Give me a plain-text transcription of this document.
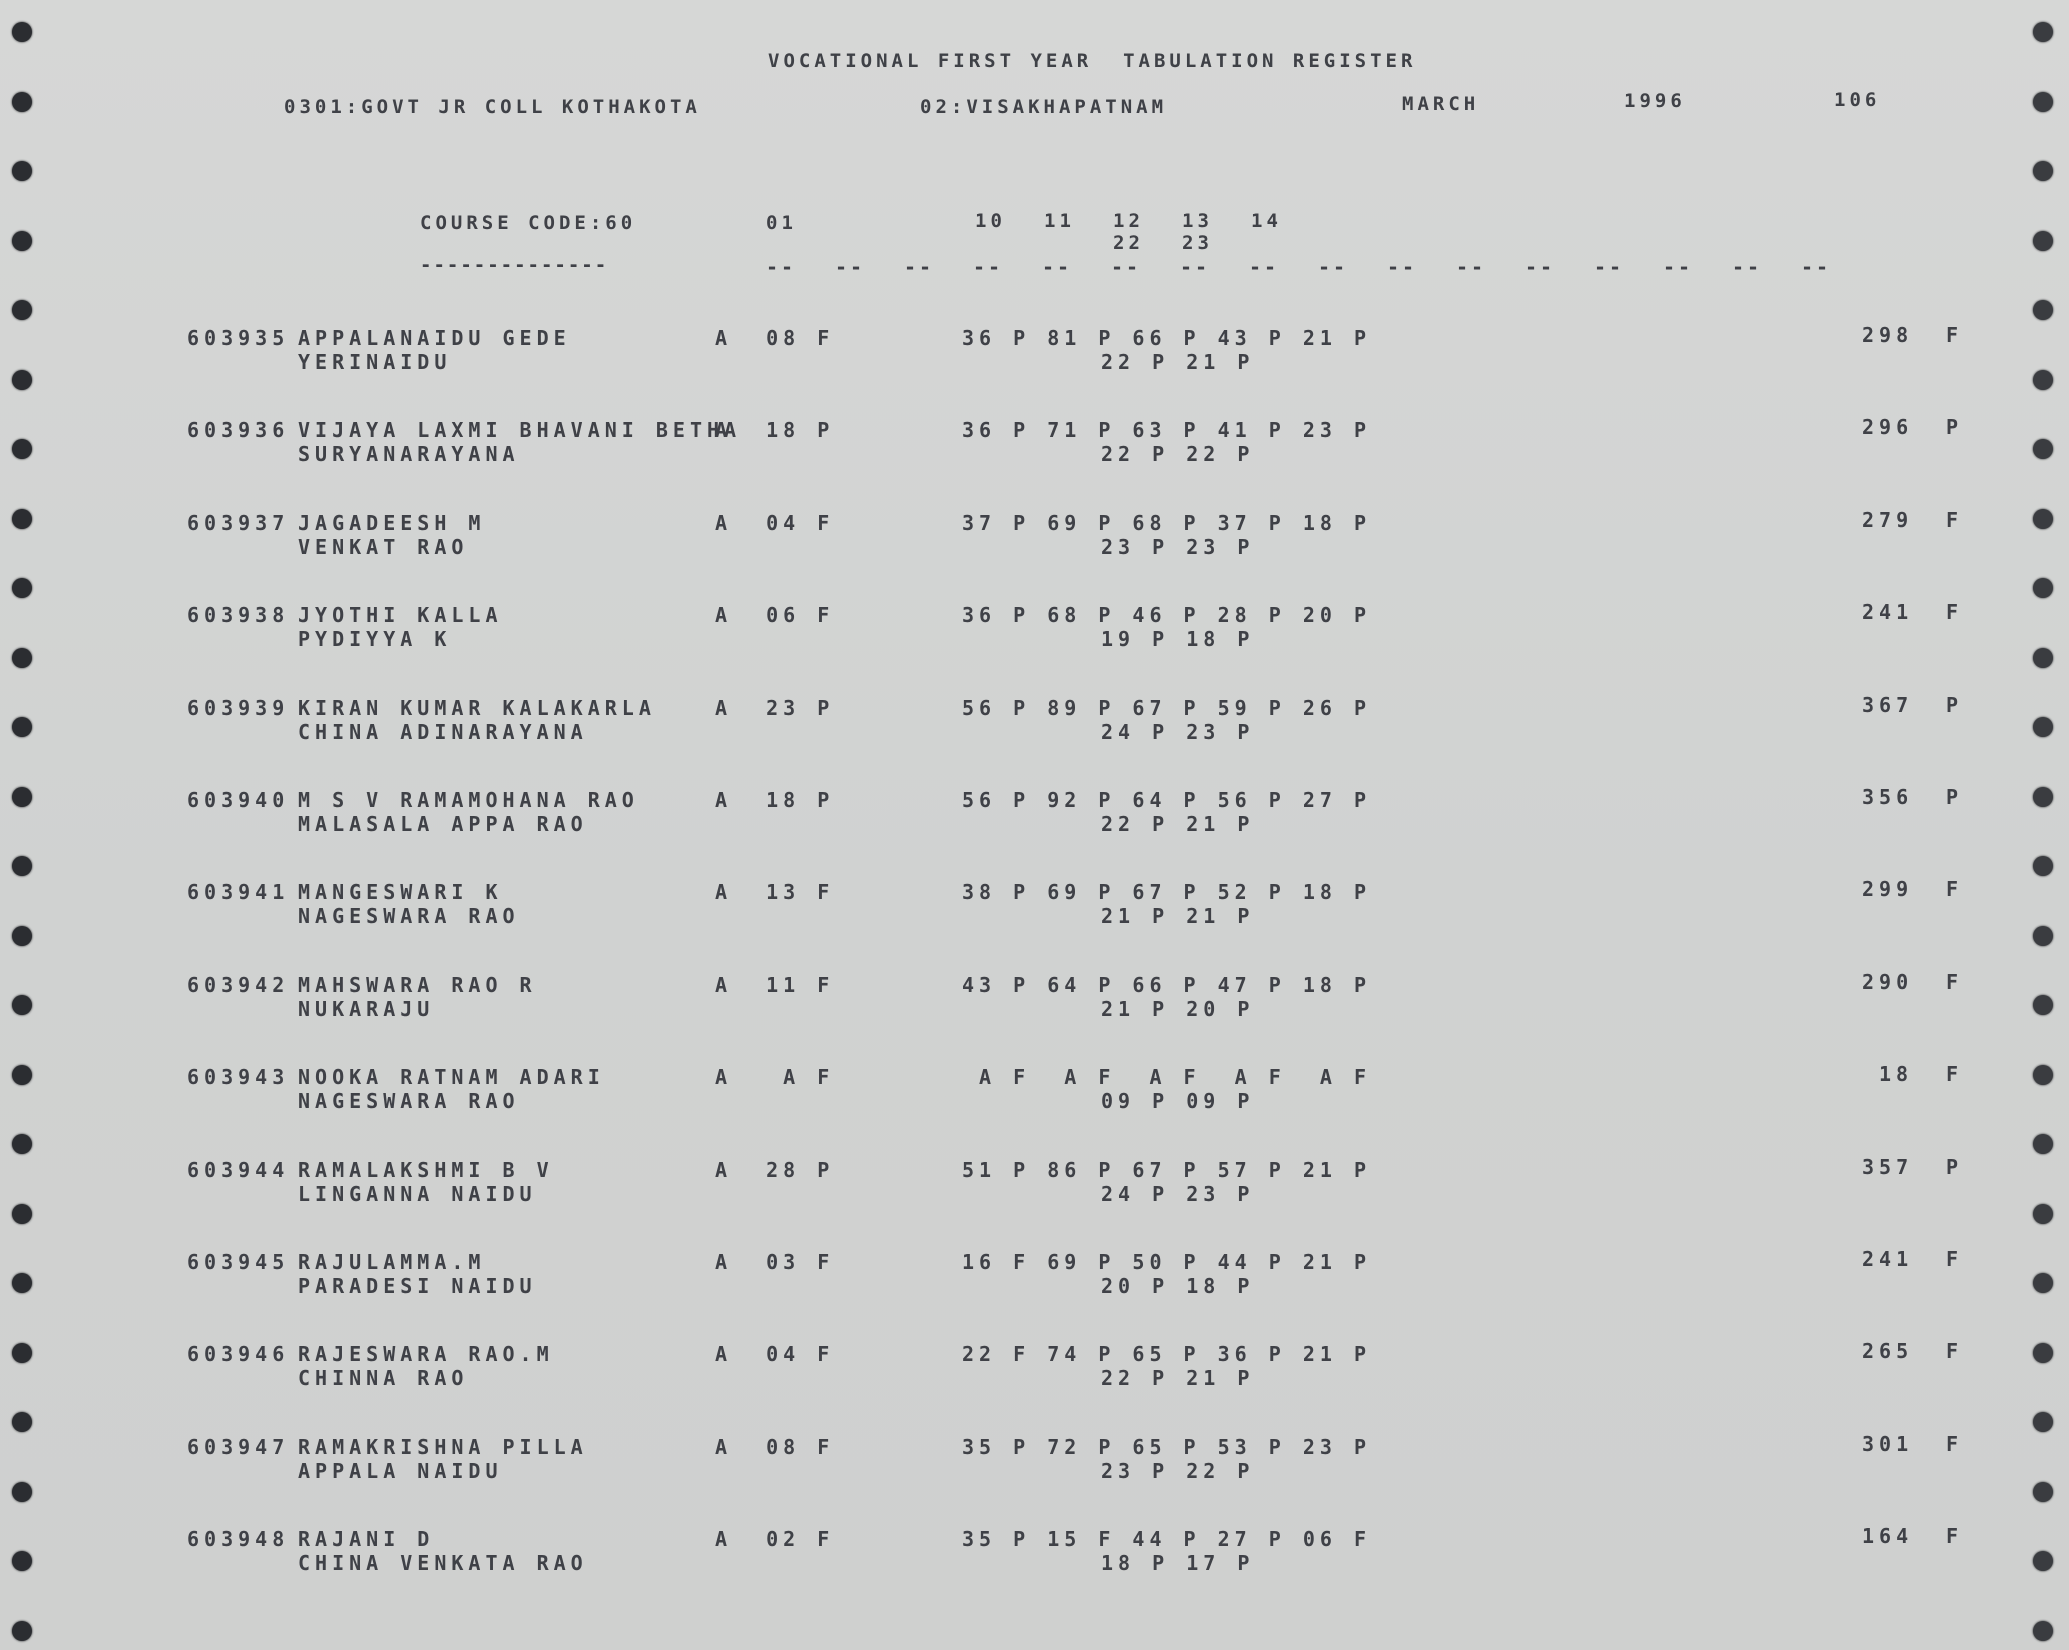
VOCATIONAL FIRST YEAR  TABULATION REGISTER
0301:GOVT JR COLL KOTHAKOTA	02:VISAKHAPATNAM	MARCH	1996	106
COURSE CODE:60
--------------
01	10 11 12 13 14
22 23
-- -- -- -- -- -- -- -- -- -- -- -- -- -- -- --
603935 APPALANAIDU GEDE
YERINAIDU
A  08 F	36 P 81 P 66 P 43 P 21 P
22 P 21 P
298 F
603936 VIJAYA LAXMI BHAVANI BETHA
SURYANARAYANA
A  18 P	36 P 71 P 63 P 41 P 23 P
22 P 22 P
296 P
603937 JAGADEESH M
VENKAT RAO
A  04 F	37 P 69 P 68 P 37 P 18 P
23 P 23 P
279 F
603938 JYOTHI KALLA
PYDIYYA K
A  06 F	36 P 68 P 46 P 28 P 20 P
19 P 18 P
241 F
603939 KIRAN KUMAR KALAKARLA
CHINA ADINARAYANA
A  23 P	56 P 89 P 67 P 59 P 26 P
24 P 23 P
367 P
603940 M S V RAMAMOHANA RAO
MALASALA APPA RAO
A  18 P	56 P 92 P 64 P 56 P 27 P
22 P 21 P
356 P
603941 MANGESWARI K
NAGESWARA RAO
A  13 F	38 P 69 P 67 P 52 P 18 P
21 P 21 P
299 F
603942 MAHSWARA RAO R
NUKARAJU
A  11 F	43 P 64 P 66 P 47 P 18 P
21 P 20 P
290 F
603943 NOOKA RATNAM ADARI
NAGESWARA RAO
A   A F	A F  A F  A F  A F  A F
09 P 09 P
18 F
603944 RAMALAKSHMI B V
LINGANNA NAIDU
A  28 P	51 P 86 P 67 P 57 P 21 P
24 P 23 P
357 P
603945 RAJULAMMA.M
PARADESI NAIDU
A  03 F	16 F 69 P 50 P 44 P 21 P
20 P 18 P
241 F
603946 RAJESWARA RAO.M
CHINNA RAO
A  04 F	22 F 74 P 65 P 36 P 21 P
22 P 21 P
265 F
603947 RAMAKRISHNA PILLA
APPALA NAIDU
A  08 F	35 P 72 P 65 P 53 P 23 P
23 P 22 P
301 F
603948 RAJANI D
CHINA VENKATA RAO
A  02 F	35 P 15 F 44 P 27 P 06 F
18 P 17 P
164 F
